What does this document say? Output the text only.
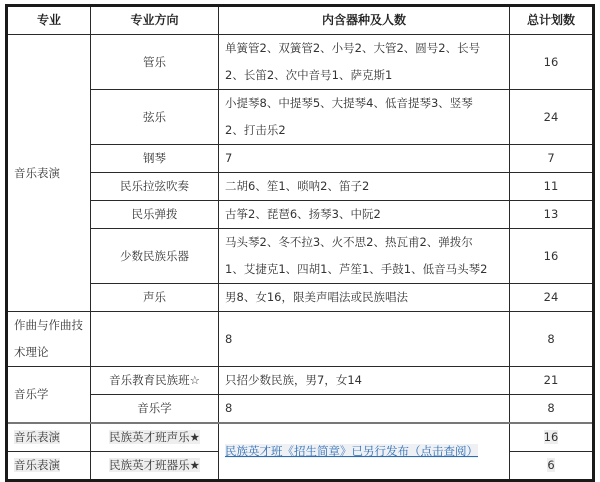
专业	专业方向	内含器种及人数	总计划数
音乐表演	管乐	单簧管2、双簧管2、小号2、大管2、圆号2、长号
2、长笛2、次中音号1、萨克斯1	16
	弦乐	小提琴8、中提琴5、大提琴4、低音提琴3、竖琴
2、打击乐2	24
	钢琴	7	7
	民乐拉弦吹奏	二胡6、笙1、唢呐2、笛子2	11
	民乐弹拨	古筝2、琵琶6、扬琴3、中阮2	13
	少数民族乐器	马头琴2、冬不拉3、火不思2、热瓦甫2、弹拨尔
1、艾捷克1、四胡1、芦笙1、手鼓1、低音马头琴2	16
	声乐	男8、女16，限美声唱法或民族唱法	24

作曲与作曲技
术理论		8	8
音乐学	音乐教育民族班☆	只招少数民族，男7，女14	21
	音乐学	8	8
音乐表演	民族英才班声乐★	民族英才班《招生简章》已另行发布（点击查阅）	16
音乐表演	民族英才班器乐★		6
